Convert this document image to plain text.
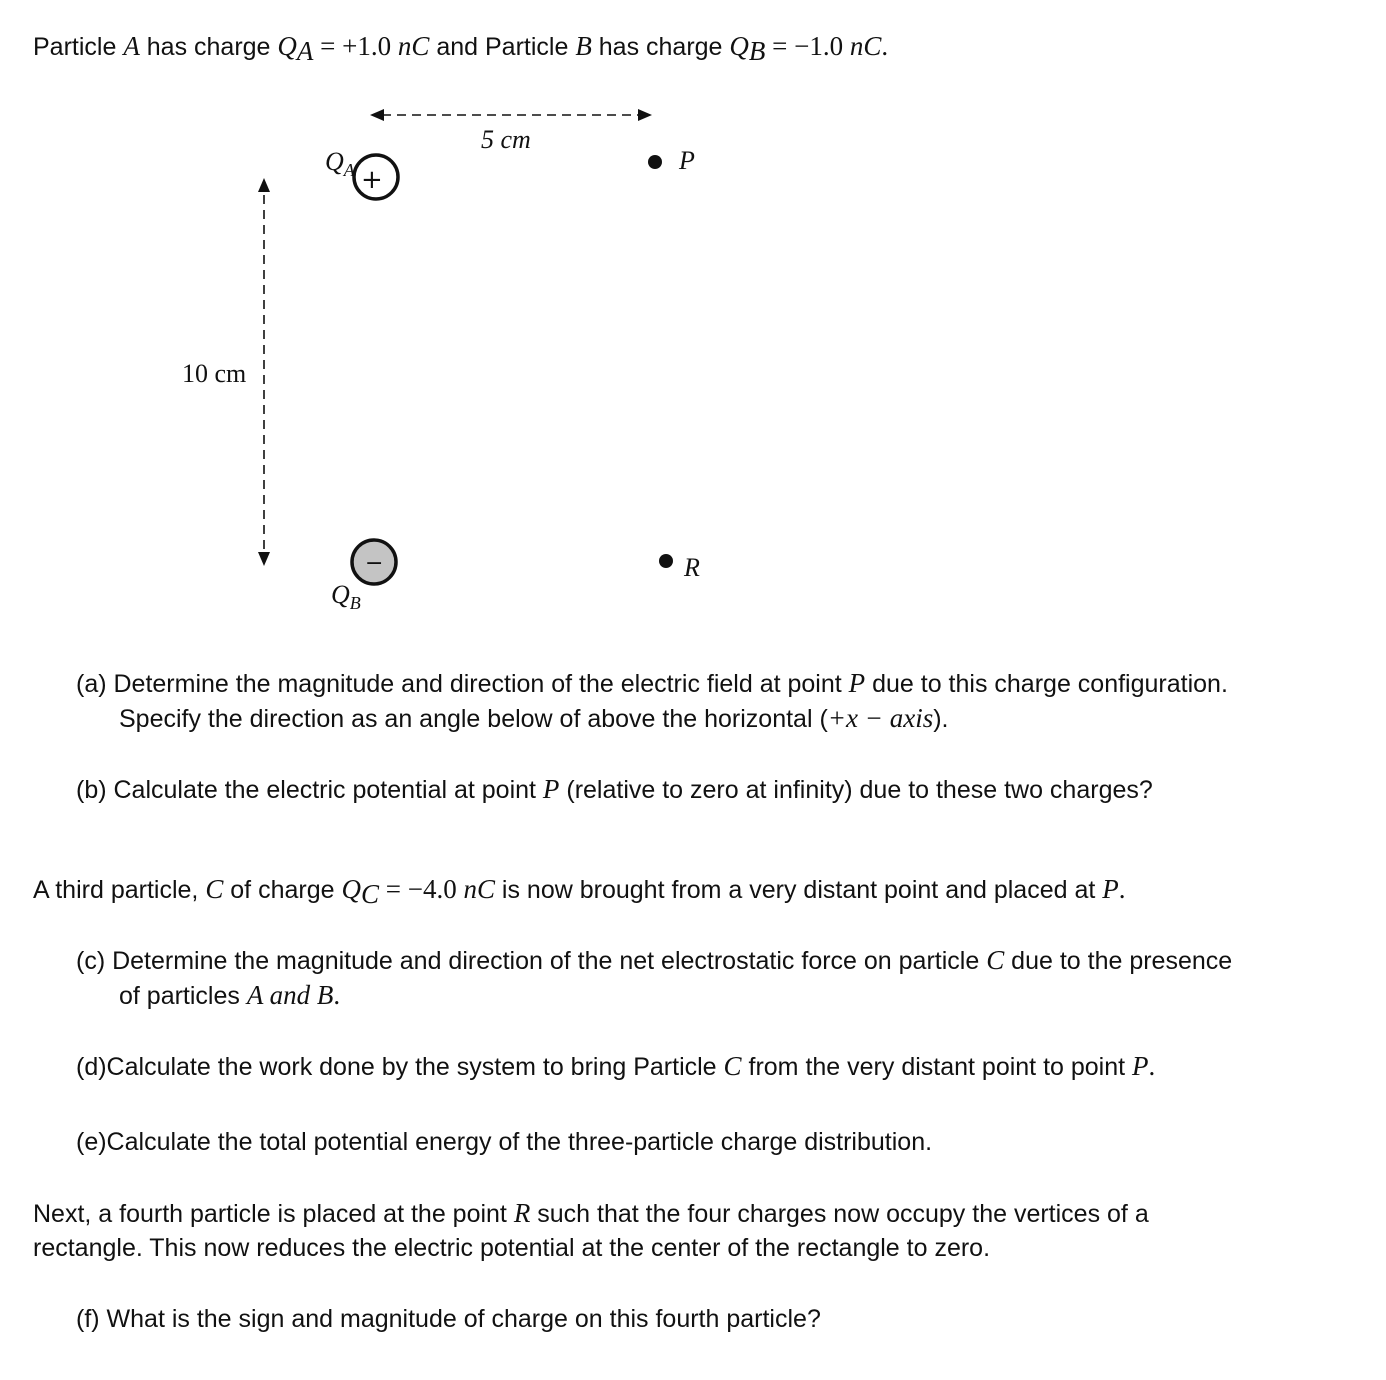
Particle A has charge $Q_A = +1.0$ nC and Particle B has charge $Q_B = -1.0$ nC.
5 cm
10 cm
+
$Q_A$
−
$Q_B$
P
R
(a) Determine the magnitude and direction of the electric field at point P due to this charge configuration.
Specify the direction as an angle below of above the horizontal (+x − axis).
(b) Calculate the electric potential at point P (relative to zero at infinity) due to these two charges?
A third particle, C of charge $Q_C = -4.0$ nC is now brought from a very distant point and placed at P.
(c) Determine the magnitude and direction of the net electrostatic force on particle C due to the presence
of particles A and B.
(d)Calculate the work done by the system to bring Particle C from the very distant point to point P.
(e)Calculate the total potential energy of the three-particle charge distribution.
Next, a fourth particle is placed at the point R such that the four charges now occupy the vertices of a
rectangle. This now reduces the electric potential at the center of the rectangle to zero.
(f) What is the sign and magnitude of charge on this fourth particle?
